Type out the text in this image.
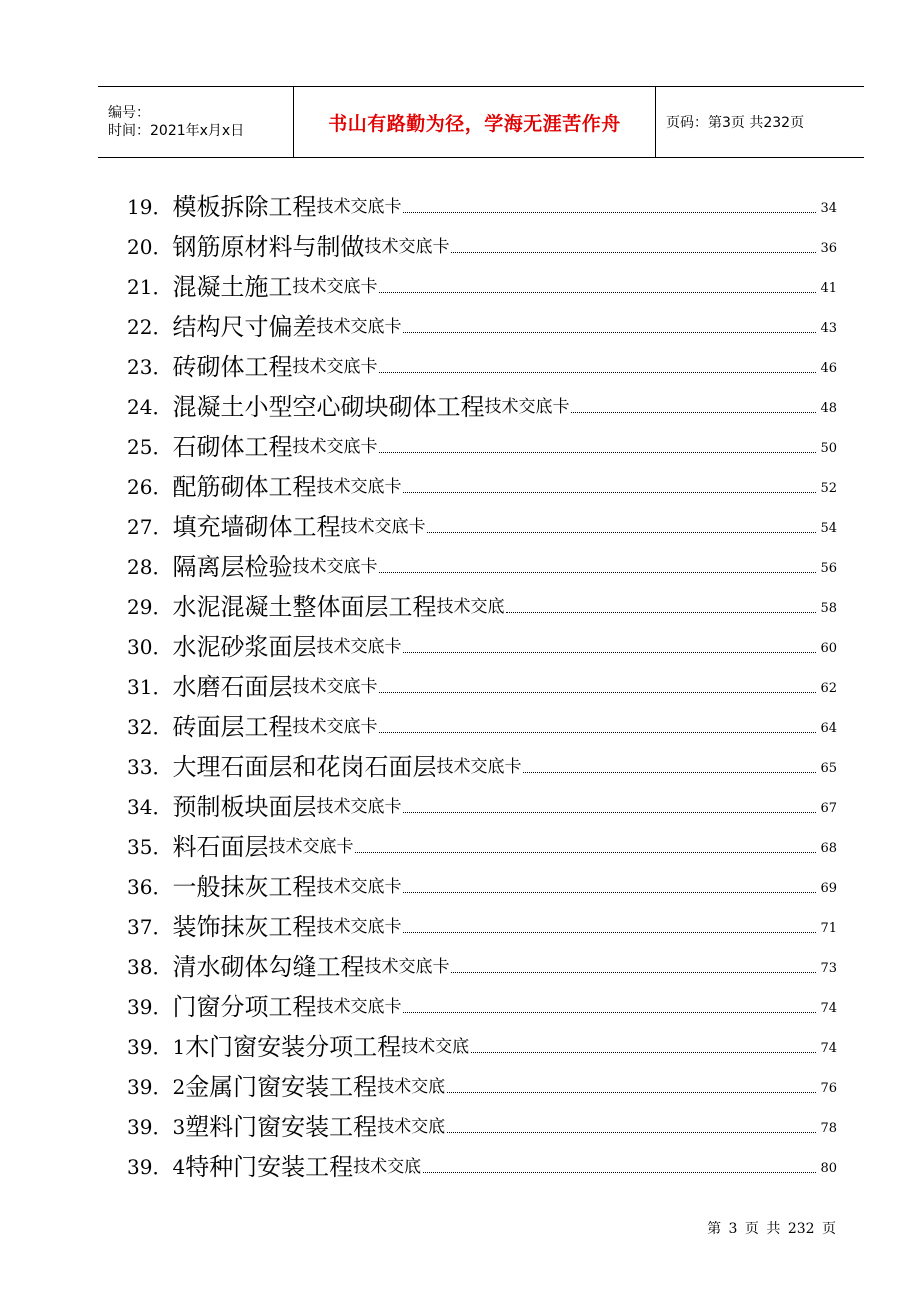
编号：
时间：2021年x月x日	书山有路勤为径，学海无涯苦作舟	页码：第3页 共232页
19． 模板拆除工程 技术交底卡	34
20． 钢筋原材料与制做 技术交底卡	36
21． 混凝土施工 技术交底卡	41
22． 结构尺寸偏差 技术交底卡	43
23． 砖砌体工程 技术交底卡	46
24． 混凝土小型空心砌块砌体工程 技术交底卡	48
25． 石砌体工程 技术交底卡	50
26． 配筋砌体工程 技术交底卡	52
27． 填充墙砌体工程 技术交底卡	54
28． 隔离层检验 技术交底卡	56
29． 水泥混凝土整体面层工程 技术交底	58
30． 水泥砂浆面层 技术交底卡	60
31． 水磨石面层 技术交底卡	62
32． 砖面层工程 技术交底卡	64
33． 大理石面层和花岗石面层 技术交底卡	65
34． 预制板块面层 技术交底卡	67
35． 料石面层 技术交底卡	68
36． 一般抹灰工程 技术交底卡	69
37． 装饰抹灰工程 技术交底卡	71
38． 清水砌体勾缝工程 技术交底卡	73
39． 门窗分项工程 技术交底卡	74
39．1 木门窗安装分项工程 技术交底	74
39．2 金属门窗安装工程 技术交底	76
39．3 塑料门窗安装工程 技术交底	78
39．4 特种门安装工程 技术交底	80
第 3 页 共 232 页
